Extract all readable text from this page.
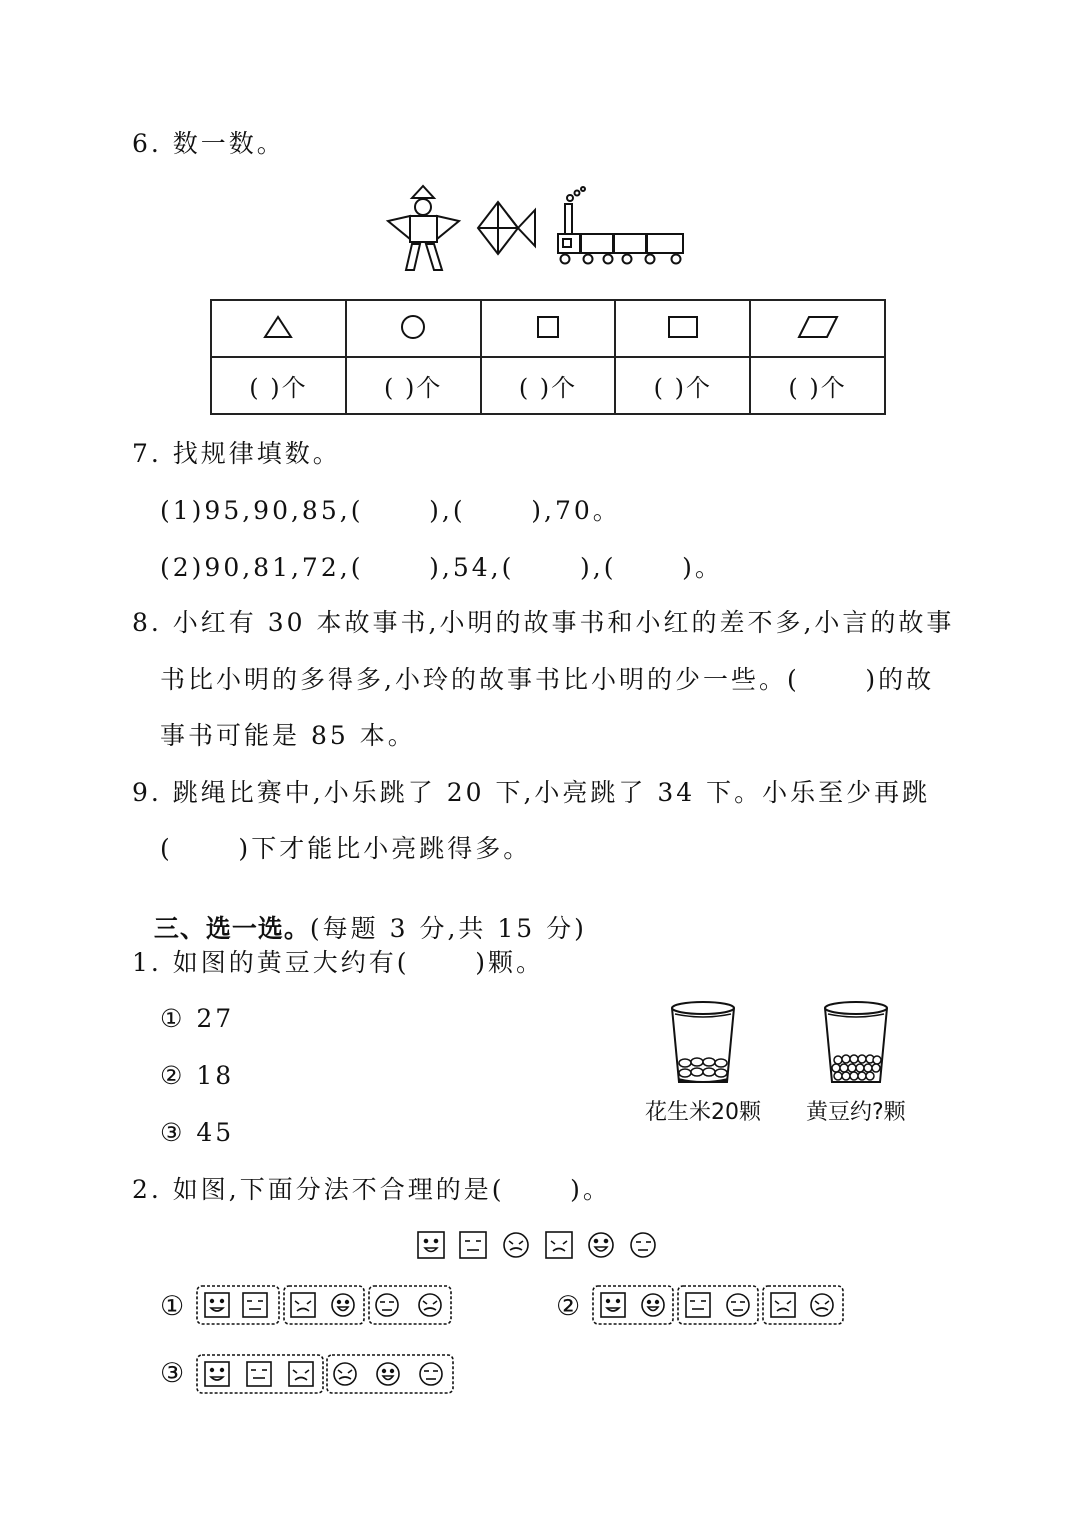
6. 数一数。

( )个	( )个	( )个	( )个	( )个
7. 找规律填数。
(1)95,90,85,(      ),(      ),70。
(2)90,81,72,(      ),54,(      ),(      )。
8. 小红有 30 本故事书,小明的故事书和小红的差不多,小言的故事
书比小明的多得多,小玲的故事书比小明的少一些。(      )的故
事书可能是 85 本。
9. 跳绳比赛中,小乐跳了 20 下,小亮跳了 34 下。小乐至少再跳
(      )下才能比小亮跳得多。

三、选一选。(每题 3 分,共 15 分)

1. 如图的黄豆大约有(      )颗。
① 27
② 18
③ 45
花生米20颗 黄豆约?颗
2. 如图,下面分法不合理的是(      )。
①	②
③
